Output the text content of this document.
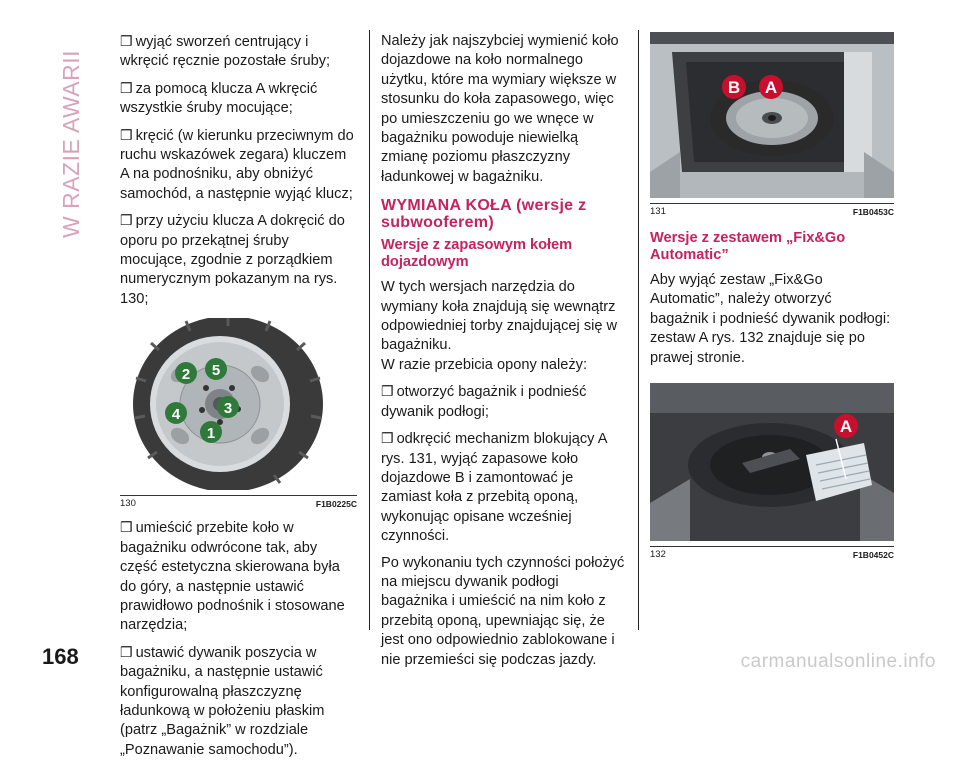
W RAZIE AWARII

❒ wyjąć sworzeń centrujący i wkręcić ręcznie pozostałe śruby;

❒ za pomocą klucza A wkręcić wszystkie śruby mocujące;

❒ kręcić (w kierunku przeciwnym do ruchu wskazówek zegara) kluczem A na podnośniku, aby obniżyć samochód, a następnie wyjąć klucz;

❒ przy użyciu klucza A dokręcić do oporu po przekątnej śruby mocujące, zgodnie z porządkiem numerycznym pokazanym na rys. 130;

2 5
3
4
1
130	F1B0225C

❒ umieścić przebite koło w bagażniku odwrócone tak, aby część estetyczna skierowana była do góry, a następnie ustawić prawidłowo podnośnik i stosowane narzędzia;

❒ ustawić dywanik poszycia w bagażniku, a następnie ustawić konfigurowalną płaszczyznę ładunkową w położeniu płaskim (patrz „Bagażnik” w rozdziale „Poznawanie samochodu”).

Należy jak najszybciej wymienić koło dojazdowe na koło normalnego użytku, które ma wymiary większe w stosunku do koła zapasowego, więc po umieszczeniu go we wnęce w bagażniku powoduje niewielką zmianę poziomu płaszczyzny ładunkowej w bagażniku.

WYMIANA KOŁA (wersje z subwooferem)
Wersje z zapasowym kołem dojazdowym

W tych wersjach narzędzia do wymiany koła znajdują się wewnątrz odpowiedniej torby znajdującej się w bagażniku.

W razie przebicia opony należy:

❒ otworzyć bagażnik i podnieść dywanik podłogi;

❒ odkręcić mechanizm blokujący A rys. 131, wyjąć zapasowe koło dojazdowe B i zamontować je zamiast koła z przebitą oponą, wykonując opisane wcześniej czynności.

Po wykonaniu tych czynności położyć na miejscu dywanik podłogi bagażnika i umieścić na nim koło z przebitą oponą, upewniając się, że jest ono odpowiednio zablokowane i nie przemieści się podczas jazdy.

B A
131	F1B0453C
Wersje z zestawem „Fix&Go Automatic”

Aby wyjąć zestaw „Fix&Go Automatic”, należy otworzyć bagażnik i podnieść dywanik podłogi: zestaw A rys. 132 znajduje się po prawej stronie.

A
132	F1B0452C
168	carmanualsonline.info
